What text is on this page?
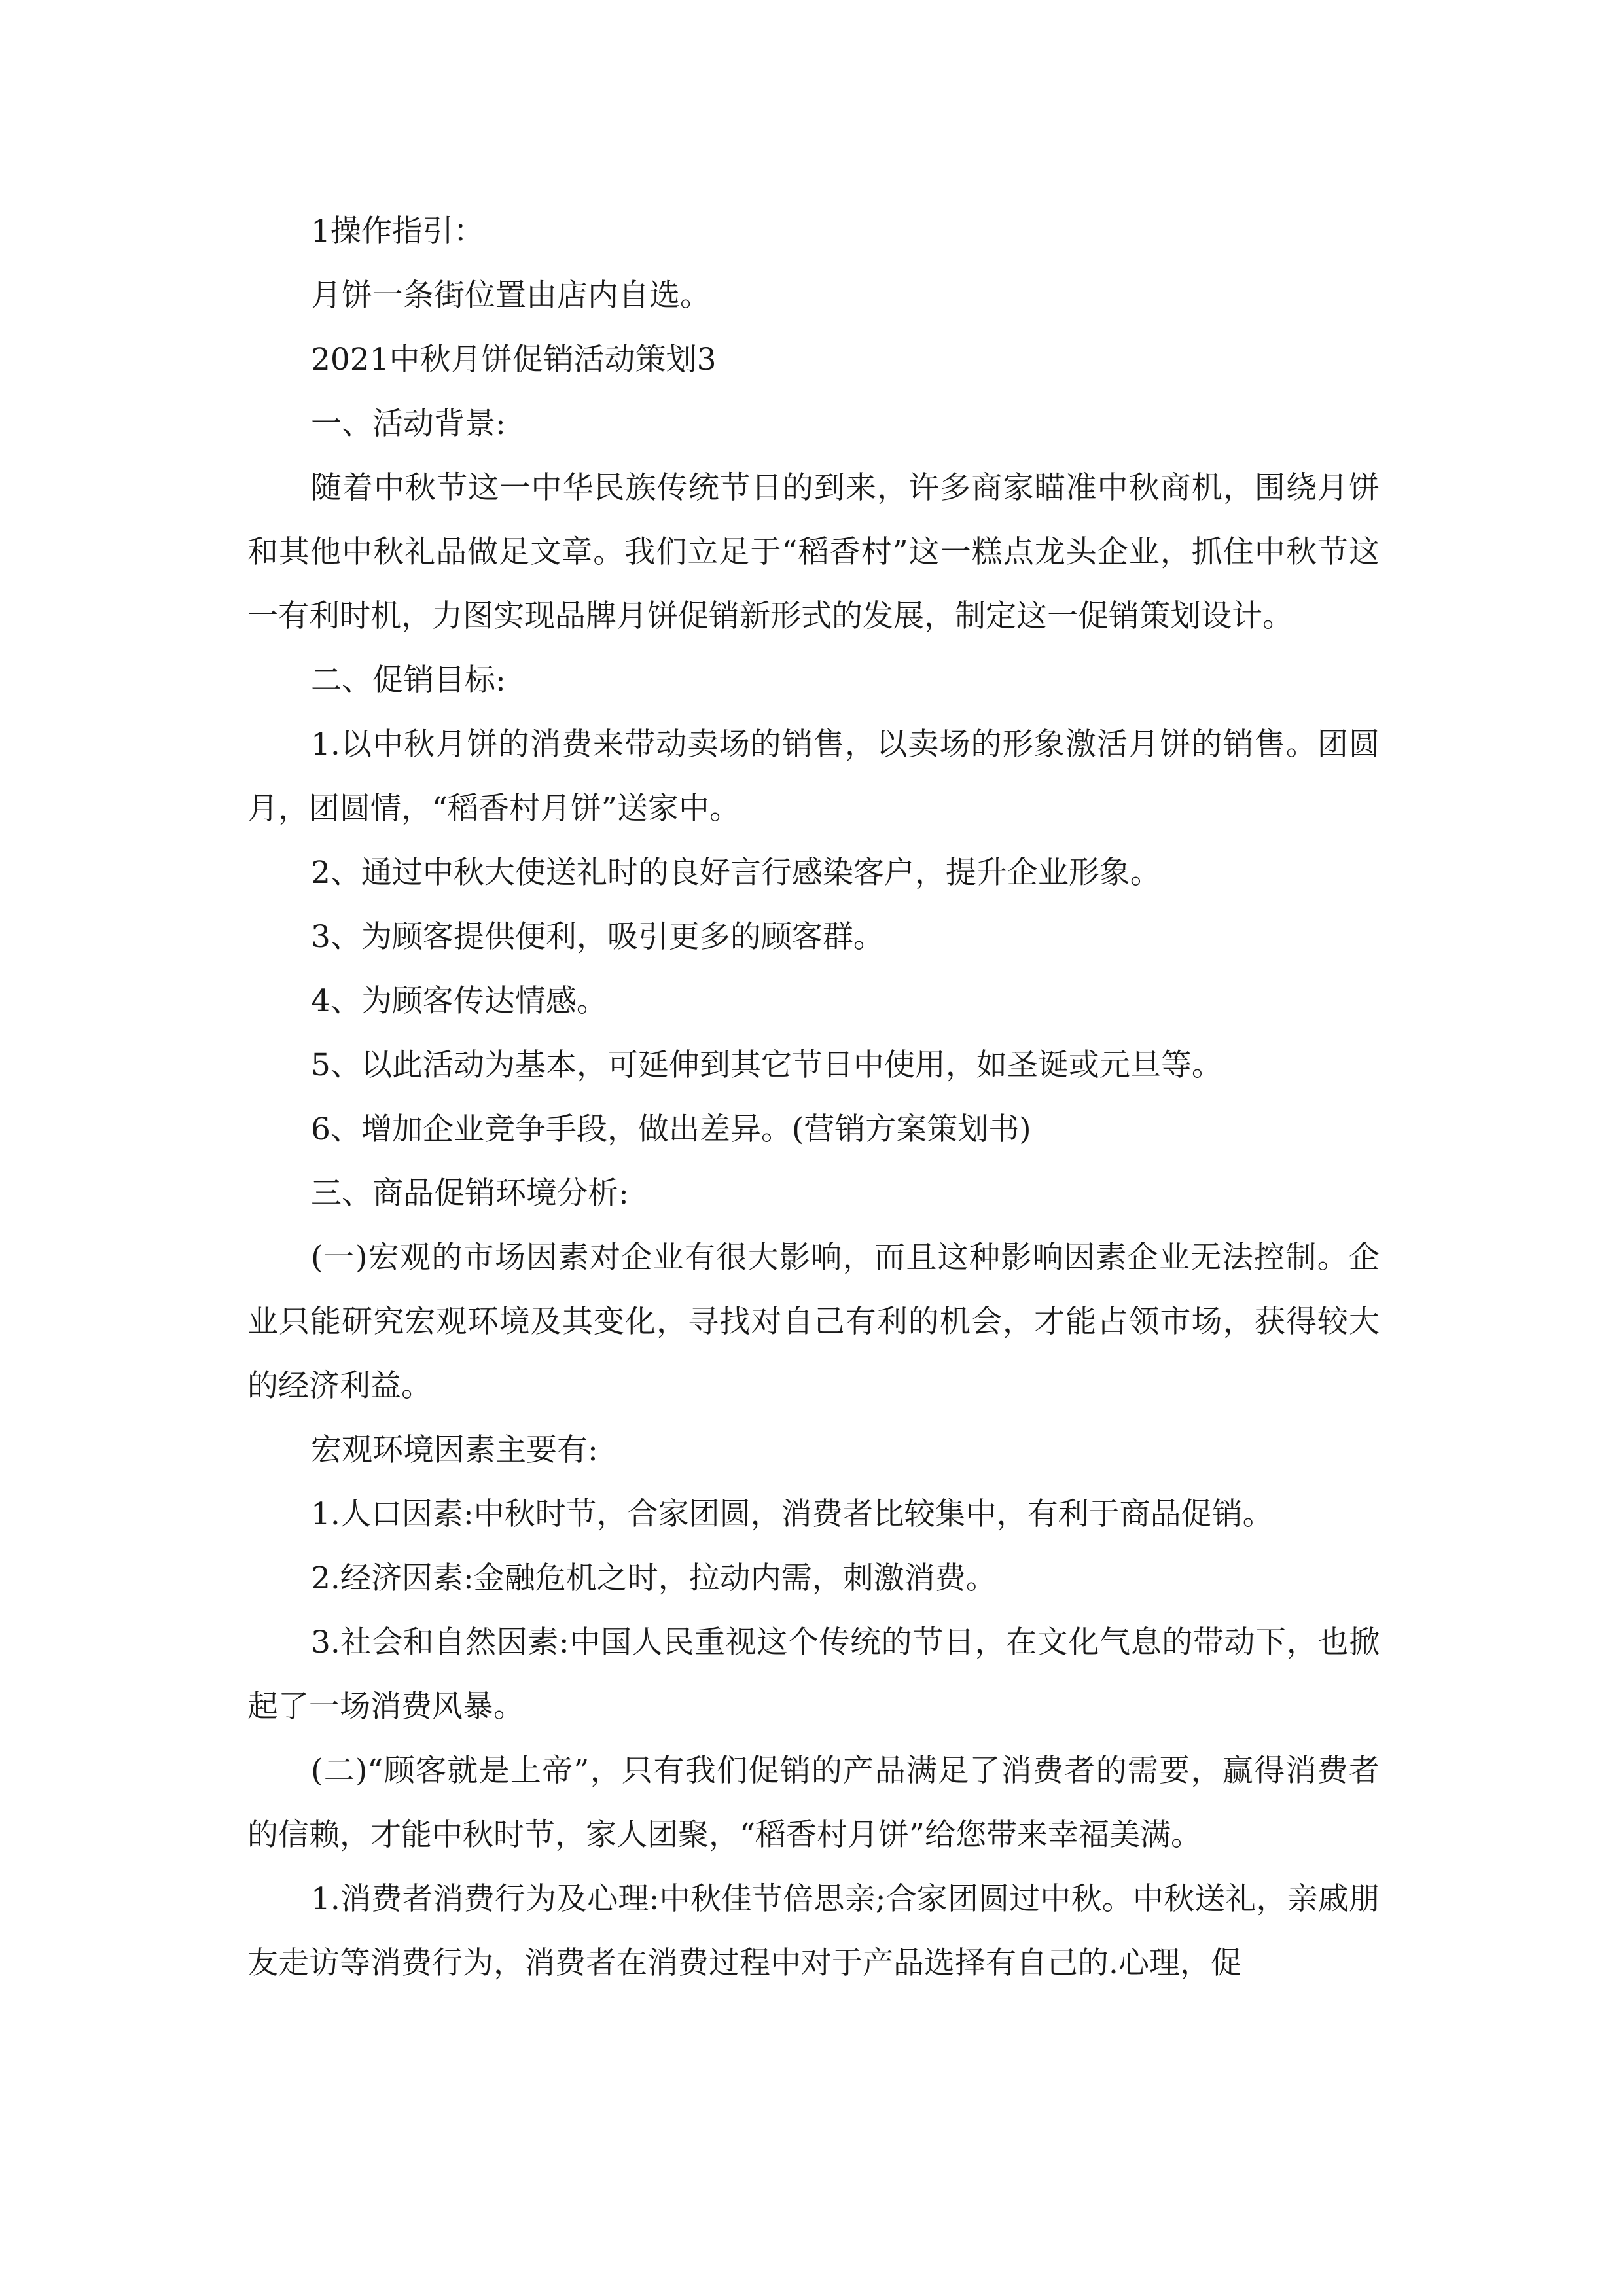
1操作指引：

月饼一条街位置由店内自选。

2021中秋月饼促销活动策划3

一、活动背景:

随着中秋节这一中华民族传统节日的到来，许多商家瞄准中秋商机，围绕月饼和其他中秋礼品做足文章。我们立足于“稻香村”这一糕点龙头企业，抓住中秋节这一有利时机，力图实现品牌月饼促销新形式的发展，制定这一促销策划设计。

二、促销目标:

1.以中秋月饼的消费来带动卖场的销售，以卖场的形象激活月饼的销售。团圆月，团圆情，“稻香村月饼”送家中。

2、通过中秋大使送礼时的良好言行感染客户，提升企业形象。

3、为顾客提供便利，吸引更多的顾客群。

4、为顾客传达情感。

5、以此活动为基本，可延伸到其它节日中使用，如圣诞或元旦等。

6、增加企业竞争手段，做出差异。(营销方案策划书)

三、商品促销环境分析:

(一)宏观的市场因素对企业有很大影响，而且这种影响因素企业无法控制。企业只能研究宏观环境及其变化，寻找对自己有利的机会，才能占领市场，获得较大的经济利益。

宏观环境因素主要有:

1.人口因素:中秋时节，合家团圆，消费者比较集中，有利于商品促销。

2.经济因素:金融危机之时，拉动内需，刺激消费。

3.社会和自然因素:中国人民重视这个传统的节日，在文化气息的带动下，也掀起了一场消费风暴。

(二)“顾客就是上帝”，只有我们促销的产品满足了消费者的需要，赢得消费者的信赖，才能中秋时节，家人团聚，“稻香村月饼”给您带来幸福美满。

1.消费者消费行为及心理:中秋佳节倍思亲;合家团圆过中秋。中秋送礼，亲戚朋友走访等消费行为，消费者在消费过程中对于产品选择有自己的.心理，促
